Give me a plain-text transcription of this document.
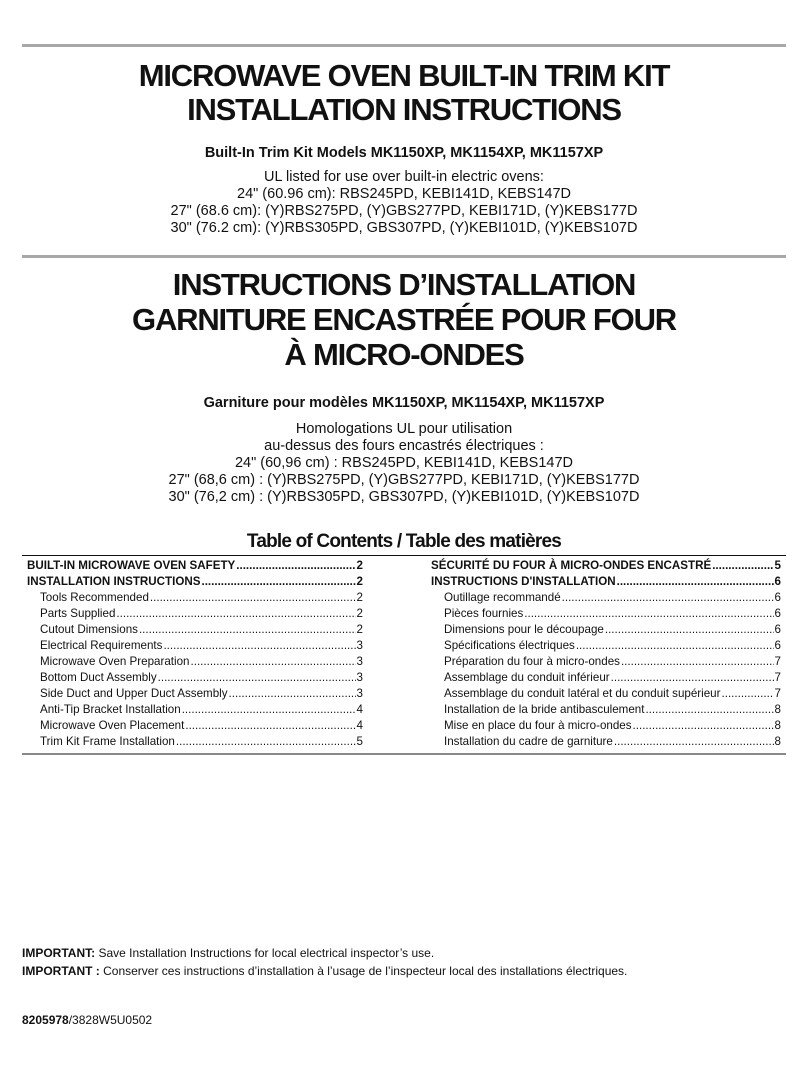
MICROWAVE OVEN BUILT-IN TRIM KIT
INSTALLATION INSTRUCTIONS
Built-In Trim Kit Models MK1150XP, MK1154XP, MK1157XP
UL listed for use over built-in electric ovens:
24" (60.96 cm): RBS245PD, KEBI141D, KEBS147D
27" (68.6 cm): (Y)RBS275PD, (Y)GBS277PD, KEBI171D, (Y)KEBS177D
30" (76.2 cm): (Y)RBS305PD, GBS307PD, (Y)KEBI101D, (Y)KEBS107D
INSTRUCTIONS D’INSTALLATION
GARNITURE ENCASTRÉE POUR FOUR
À MICRO-ONDES
Garniture pour modèles MK1150XP, MK1154XP, MK1157XP
Homologations UL pour utilisation
au-dessus des fours encastrés électriques :
24" (60,96 cm) : RBS245PD, KEBI141D, KEBS147D
27" (68,6 cm) : (Y)RBS275PD, (Y)GBS277PD, KEBI171D, (Y)KEBS177D
30" (76,2 cm) : (Y)RBS305PD, GBS307PD, (Y)KEBI101D, (Y)KEBS107D
Table of Contents / Table des matières
BUILT-IN MICROWAVE OVEN SAFETY .....	2
INSTALLATION INSTRUCTIONS .....	2
Tools Recommended .....	2
Parts Supplied .....	2
Cutout Dimensions .....	2
Electrical Requirements .....	3
Microwave Oven Preparation .....	3
Bottom Duct Assembly .....	3
Side Duct and Upper Duct Assembly .....	3
Anti-Tip Bracket Installation .....	4
Microwave Oven Placement .....	4
Trim Kit Frame Installation .....	5
SÉCURITÉ DU FOUR À MICRO-ONDES ENCASTRÉ .....	5
INSTRUCTIONS D'INSTALLATION .....	6
Outillage recommandé .....	6
Pièces fournies .....	6
Dimensions pour le découpage .....	6
Spécifications électriques .....	6
Préparation du four à micro-ondes .....	7
Assemblage du conduit inférieur .....	7
Assemblage du conduit latéral et du conduit supérieur .....	7
Installation de la bride antibasculement .....	8
Mise en place du four à micro-ondes .....	8
Installation du cadre de garniture .....	8
IMPORTANT: Save Installation Instructions for local electrical inspector’s use.
IMPORTANT : Conserver ces instructions d’installation à l’usage de l’inspecteur local des installations électriques.
8205978/3828W5U0502
